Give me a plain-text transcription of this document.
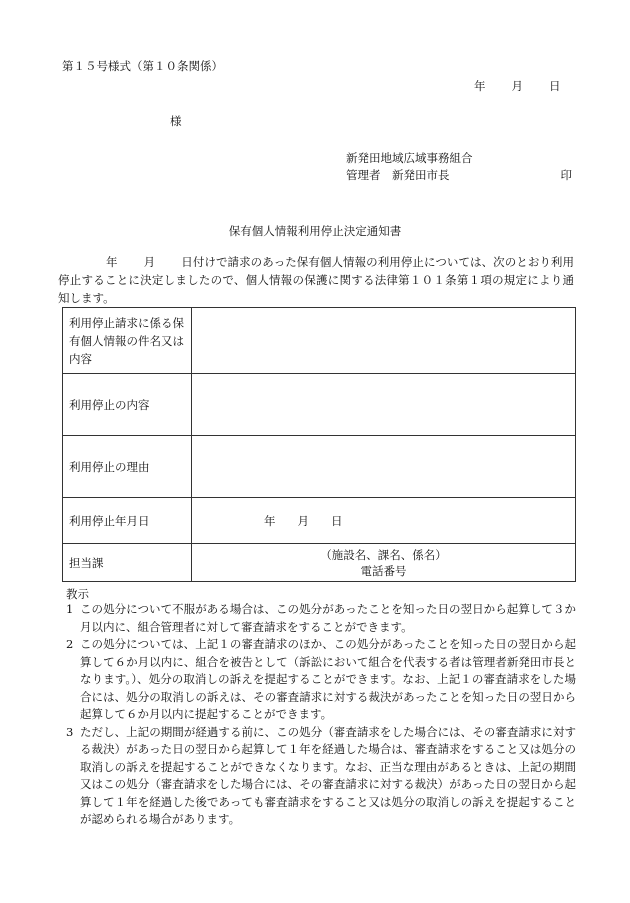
第１５号様式（第１０条関係）
年 月 日
様
新発田地域広域事務組合
管理者　新発田市長	印
保有個人情報利用停止決定通知書
年 月 日付けで請求のあった保有個人情報の利用停止については、次のとおり利用停止することに決定しましたので、個人情報の保護に関する法律第１０１条第１項の規定により通知します。
利用停止請求に係る保有個人情報の件名又は内容	
利用停止の内容	
利用停止の理由	
利用停止年月日	年 月 日
担当課	（施設名、課名、係名）
電話番号
教示
1 この処分について不服がある場合は、この処分があったことを知った日の翌日から起算して３か月以内に、組合管理者に対して審査請求をすることができます。
2 この処分については、上記１の審査請求のほか、この処分があったことを知った日の翌日から起算して６か月以内に、組合を被告として（訴訟において組合を代表する者は管理者新発田市長となります。）、処分の取消しの訴えを提起することができます。なお、上記１の審査請求をした場合には、処分の取消しの訴えは、その審査請求に対する裁決があったことを知った日の翌日から起算して６か月以内に提起することができます。
3 ただし、上記の期間が経過する前に、この処分（審査請求をした場合には、その審査請求に対する裁決）があった日の翌日から起算して１年を経過した場合は、審査請求をすること又は処分の取消しの訴えを提起することができなくなります。なお、正当な理由があるときは、上記の期間又はこの処分（審査請求をした場合には、その審査請求に対する裁決）があった日の翌日から起算して１年を経過した後であっても審査請求をすること又は処分の取消しの訴えを提起することが認められる場合があります。
